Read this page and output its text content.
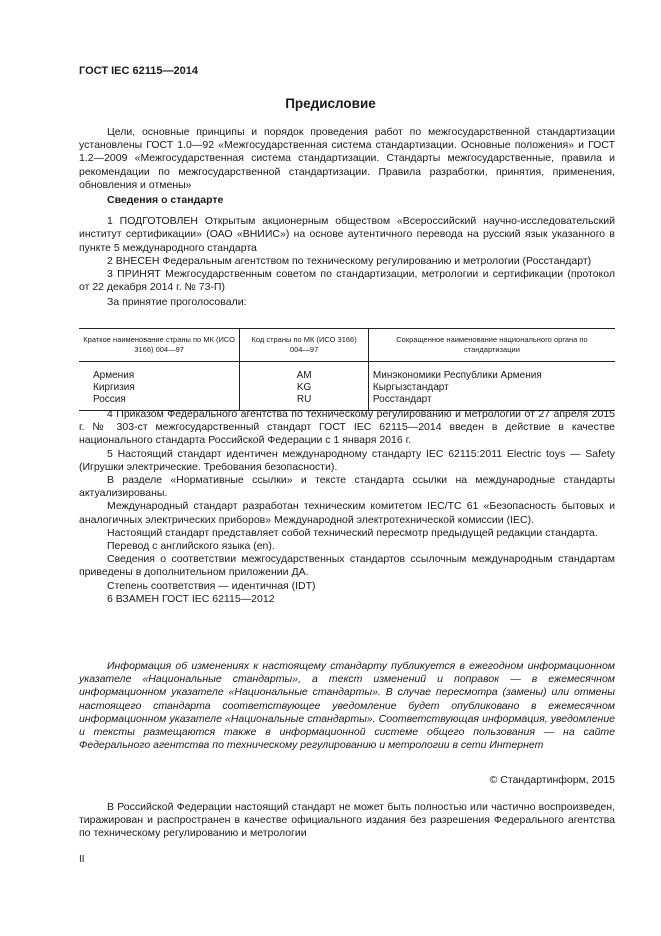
ГОСТ IEC 62115—2014
Предисловие

Цели, основные принципы и порядок проведения работ по межгосударственной стандартизации установлены ГОСТ 1.0—92 «Межгосударственная система стандартизации. Основные положения» и ГОСТ 1.2—2009 «Межгосударственная система стандартизации. Стандарты межгосударственные, правила и рекомендации по межгосударственной стандартизации. Правила разработки, принятия, применения, обновления и отмены»

Сведения о стандарте

1 ПОДГОТОВЛЕН Открытым акционерным обществом «Всероссийский научно-исследовательский институт сертификации» (ОАО «ВНИИС») на основе аутентичного перевода на русский язык указанного в пункте 5 международного стандарта

2 ВНЕСЕН Федеральным агентством по техническому регулированию и метрологии (Росстандарт)

3 ПРИНЯТ Межгосударственным советом по стандартизации, метрологии и сертификации (протокол от 22 декабря 2014 г. № 73-П)

За принятие проголосовали:

Краткое наименование страны по МК (ИСО 3166) 004—97	Код страны по МК (ИСО 3166) 004—97	Сокращенное наименование национального органа по стандартизации
Армения	AM	Минэкономики Республики Армения
Киргизия	KG	Кыргызстандарт
Россия	RU	Росстандарт

4 Приказом Федерального агентства по техническому регулированию и метрологии от 27 апреля 2015 г. № 303-ст межгосударственный стандарт ГОСТ IEC 62115—2014 введен в действие в качестве национального стандарта Российской Федерации с 1 января 2016 г.

5 Настоящий стандарт идентичен международному стандарту IEC 62115:2011 Electric toys — Safety (Игрушки электрические. Требования безопасности).

В разделе «Нормативные ссылки» и тексте стандарта ссылки на международные стандарты актуализированы.

Международный стандарт разработан техническим комитетом IEC/TC 61 «Безопасность бытовых и аналогичных электрических приборов» Международной электротехнической комиссии (IEC).

Настоящий стандарт представляет собой технический пересмотр предыдущей редакции стандарта.

Перевод с английского языка (en).

Сведения о соответствии межгосударственных стандартов ссылочным международным стандартам приведены в дополнительном приложении ДА.

Степень соответствия — идентичная (IDT)

6 ВЗАМЕН ГОСТ IEC 62115—2012

Информация об изменениях к настоящему стандарту публикуется в ежегодном информационном указателе «Национальные стандарты», а текст изменений и поправок — в ежемесячном информационном указателе «Национальные стандарты». В случае пересмотра (замены) или отмены настоящего стандарта соответствующее уведомление будет опубликовано в ежемесячном информационном указателе «Национальные стандарты». Соответствующая информация, уведомление и тексты размещаются также в информационной системе общего пользования — на сайте Федерального агентства по техническому регулированию и метрологии в сети Интернет

© Стандартинформ, 2015

В Российской Федерации настоящий стандарт не может быть полностью или частично воспроизведен, тиражирован и распространен в качестве официального издания без разрешения Федерального агентства по техническому регулированию и метрологии

II
